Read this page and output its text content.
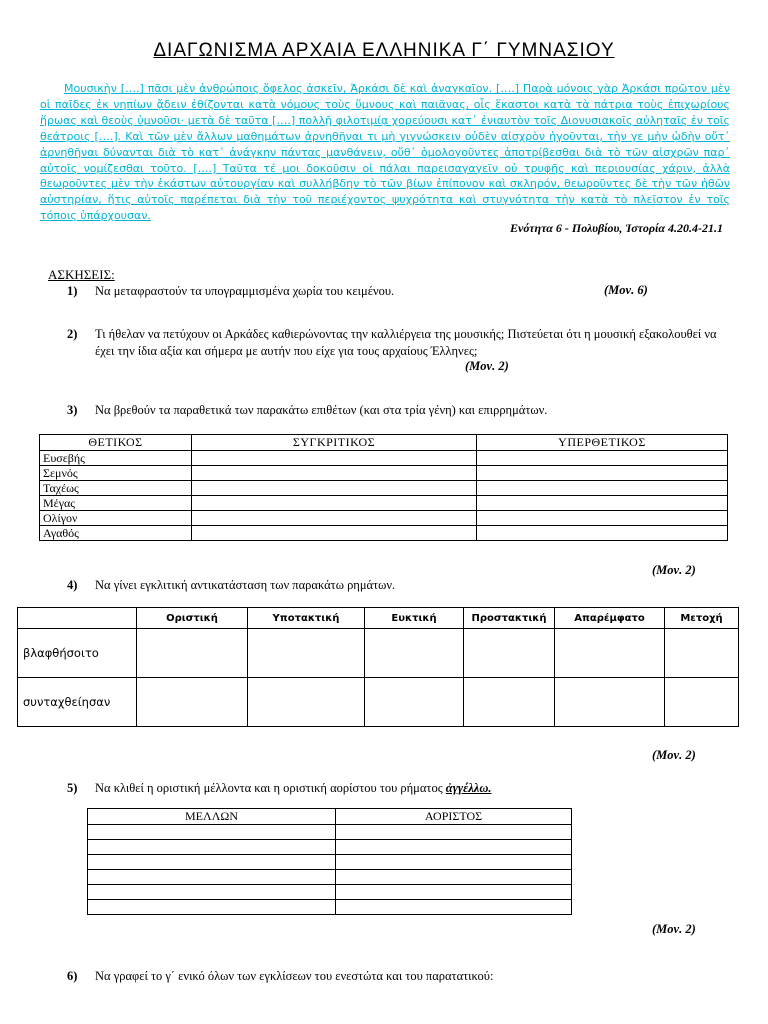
ΔΙΑΓΩΝΙΣΜΑ ΑΡΧΑΙΑ ΕΛΛΗΝΙΚΑ Γ΄ ΓΥΜΝΑΣΙΟΥ
Μουσικὴν [….] πᾶσι μὲν ἀνθρώποις ὄφελος ἀσκεῖν, Ἀρκάσι δὲ καὶ ἀναγκαῖον. [….] Παρὰ μόνοις γὰρ Ἀρκάσι πρῶτον μὲν οἱ παῖδες ἐκ νηπίων ᾄδειν ἐθίζονται κατὰ νόμους τοὺς ὕμνους καὶ παιᾶνας, οἷς ἕκαστοι κατὰ τὰ πάτρια τοὺς ἐπιχωρίους ἥρωας καὶ θεοὺς ὑμνοῦσι· μετὰ δὲ ταῦτα [….] πολλῇ φιλοτιμίᾳ χορεύουσι κατ᾽ ἐνιαυτὸν τοῖς Διονυσιακοῖς αὐληταῖς ἐν τοῖς θεάτροις [….]. Καὶ τῶν μὲν ἄλλων μαθημάτων ἀρνηθῆναι τι μὴ γιγνώσκειν οὐδὲν αἰσχρὸν ἡγοῦνται, τὴν γε μὴν ᾠδὴν οὔτ᾽ ἀρνηθῆναι δύνανται διὰ τὸ κατ᾽ ἀνάγκην πάντας μανθάνειν, οὔθ᾽ ὁμολογοῦντες ἀποτρίβεσθαι διὰ τὸ τῶν αἰσχρῶν παρ᾽ αὐτοῖς νομίζεσθαι τοῦτο. [….] Ταῦτα τέ μοι δοκοῦσιν οἱ πάλαι παρεισαγαγεῖν οὐ τρυφῆς καὶ περιουσίας χάριν, ἀλλὰ θεωροῦντες μὲν τὴν ἑκάστων αὐτουργίαν καὶ συλλήβδην τὸ τῶν βίων ἐπίπονον καὶ σκληρόν, θεωροῦντες δὲ τὴν τῶν ἠθῶν αὐστηρίαν, ἥτις αὐτοῖς παρέπεται διὰ τὴν τοῦ περιέχοντος ψυχρότητα καὶ στυγνότητα τὴν κατὰ τὸ πλεῖστον ἐν τοῖς τόποις ὑπάρχουσαν.
Ενότητα 6 - Πολυβίου, Ἱστορία 4.20.4-21.1
ΑΣΚΗΣΕΙΣ:
1)	Να μεταφραστούν τα υπογραμμισμένα χωρία του κειμένου.	(Μον. 6)
2)	Τι ήθελαν να πετύχουν οι Αρκάδες καθιερώνοντας την καλλιέργεια της μουσικής; Πιστεύεται ότι η μουσική εξακολουθεί να έχει την ίδια αξία και σήμερα με αυτήν που είχε για τους αρχαίους Έλληνες;
(Μον. 2)
3)	Να βρεθούν τα παραθετικά των παρακάτω επιθέτων (και στα τρία γένη) και επιρρημάτων.
ΘΕΤΙΚΟΣ	ΣΥΓΚΡΙΤΙΚΟΣ	ΥΠΕΡΘΕΤΙΚΟΣ
Ευσεβής		
Σεμνός		
Ταχέως		
Μέγας		
Ολίγον		
Αγαθός		
(Μον. 2)
4)	Να γίνει εγκλιτική αντικατάσταση των παρακάτω ρημάτων.
	Οριστική	Υποτακτική	Ευκτική	Προστακτική	Απαρέμφατο	Μετοχή
βλαφθήσοιτο						
συνταχθείησαν						
(Μον. 2)
5)	Να κλιθεί η οριστική μέλλοντα και η οριστική αορίστου του ρήματος ἀγγέλλω.
ΜΕΛΛΩΝ	ΑΟΡΙΣΤΟΣ

(Μον. 2)
6)	Να γραφεί το γ΄ ενικό όλων των εγκλίσεων του ενεστώτα και του παρατατικού:
